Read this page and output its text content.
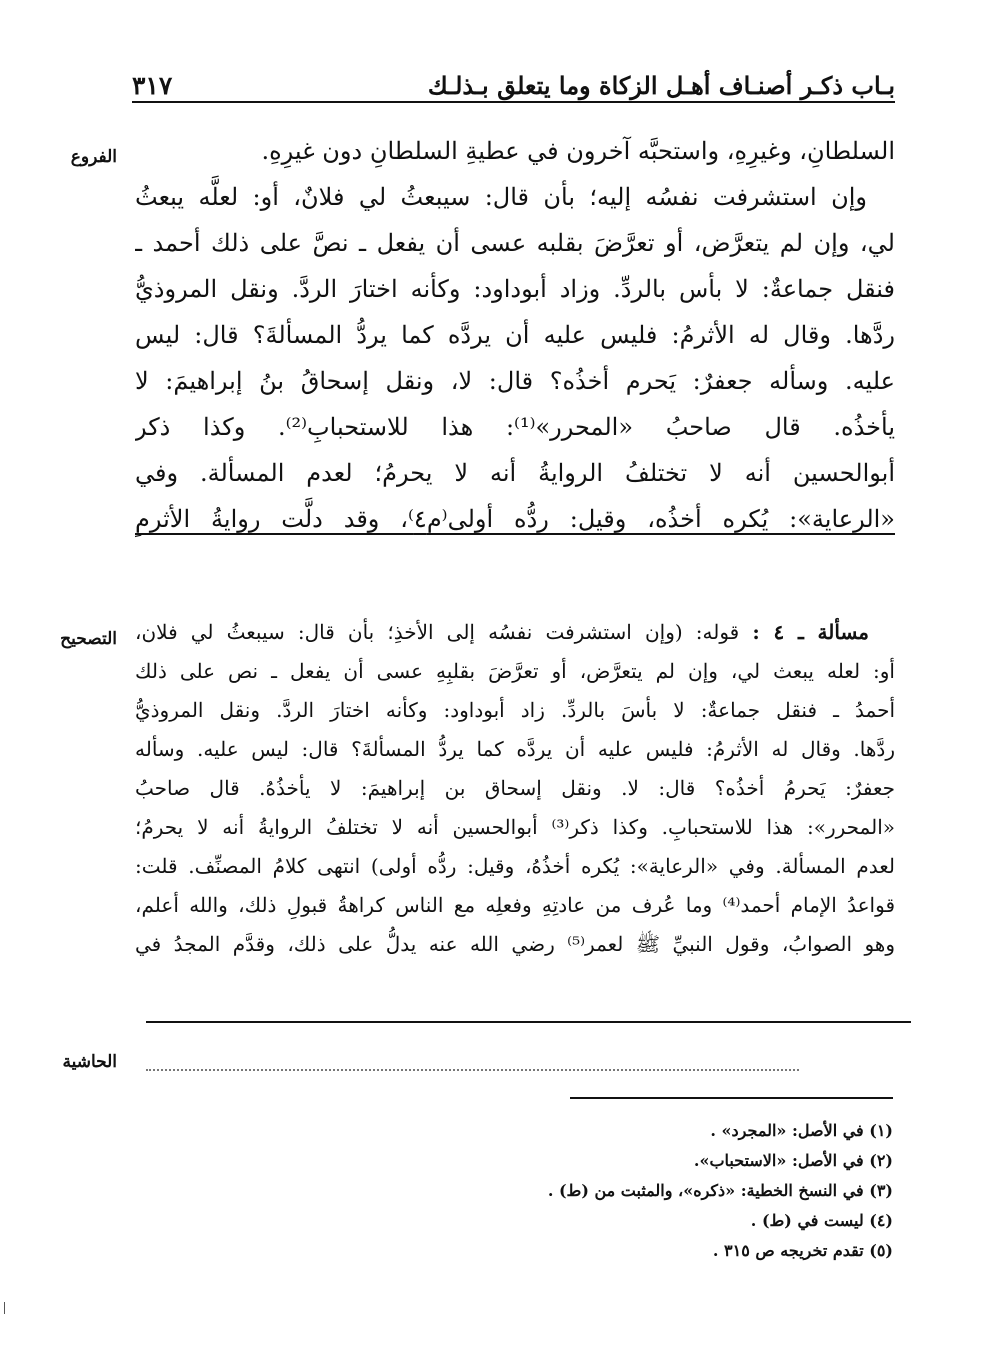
بـاب ذكـر أصنـاف أهـل الزكاة وما يتعلق بـذلـك
٣١٧
الفروع
التصحيح
الحاشية
السلطانِ، وغيرِهِ، واستحبَّه آخرون في عطيةِ السلطانِ دون غيرِهِ.
وإن استشرفت نفسُه إليه؛ بأن قال: سيبعثُ لي فلانٌ، أو: لعلَّه يبعثُ
لي، وإن لم يتعرَّض، أو تعرَّضَ بقلبه عسى أن يفعل ـ نصَّ على ذلك أحمد ـ
فنقل جماعةٌ: لا بأس بالردِّ. وزاد أبوداود: وكأنه اختارَ الردَّ. ونقل المروذيُّ
ردَّها. وقال له الأثرمُ: فليس عليه أن يردَّه كما يردُّ المسألةَ؟ قال: ليس
عليه. وسأله جعفرٌ: يَحرم أخذُه؟ قال: لا، ونقل إسحاقُ بنُ إبراهيمَ: لا
يأخذُه. قال صاحبُ «المحرر»⁽¹⁾: هذا للاستحبابِ⁽²⁾. وكذا ذكر
أبوالحسين أنه لا تختلفُ الروايةُ أنه لا يحرمُ؛ لعدم المسألة. وفي
«الرعاية»: يُكره أخذُه، وقيل: ردُّه أولى⁽م٤⁾، وقد دلَّت روايةُ الأثرمِ
مسألة ـ ٤ : قوله: (وإن استشرفت نفسُه إلى الأخذِ؛ بأن قال: سيبعثُ لي فلان،
أو: لعله يبعث لي، وإن لم يتعرَّض، أو تعرَّضَ بقلبِهِ عسى أن يفعل ـ نص على ذلك
أحمدُ ـ فنقل جماعةٌ: لا بأسَ بالردِّ. زاد أبوداود: وكأنه اختارَ الردَّ. ونقل المروذيُّ
ردَّها. وقال له الأثرمُ: فليس عليه أن يردَّه كما يردُّ المسألةَ؟ قال: ليس عليه. وسأله
جعفرٌ: يَحرمُ أخذُه؟ قال: لا. ونقل إسحاق بن إبراهيمَ: لا يأخذُهُ. قال صاحبُ
«المحرر»: هذا للاستحبابِ. وكذا ذكر⁽³⁾ أبوالحسين أنه لا تختلفُ الروايةُ أنه لا يحرمُ؛
لعدم المسألة. وفي «الرعاية»: يُكره أخذُهُ، وقيل: ردُّه أولى) انتهى كلامُ المصنِّف. قلت:
قواعدُ الإمام أحمد⁽⁴⁾ وما عُرف من عادتِهِ وفعلِه مع الناس كراهةُ قبولِ ذلك، والله أعلم،
وهو الصوابُ، وقول النبيِّ ﷺ لعمر⁽⁵⁾ رضي الله عنه يدلُّ على ذلك، وقدَّم المجدُ في
(١) في الأصل: «المجرد» .
(٢) في الأصل: «الاستحباب».
(٣) في النسخ الخطية: «ذكره»، والمثبت من (ط) .
(٤) ليست في (ط) .
(٥) تقدم تخريجه ص ٣١٥ .
